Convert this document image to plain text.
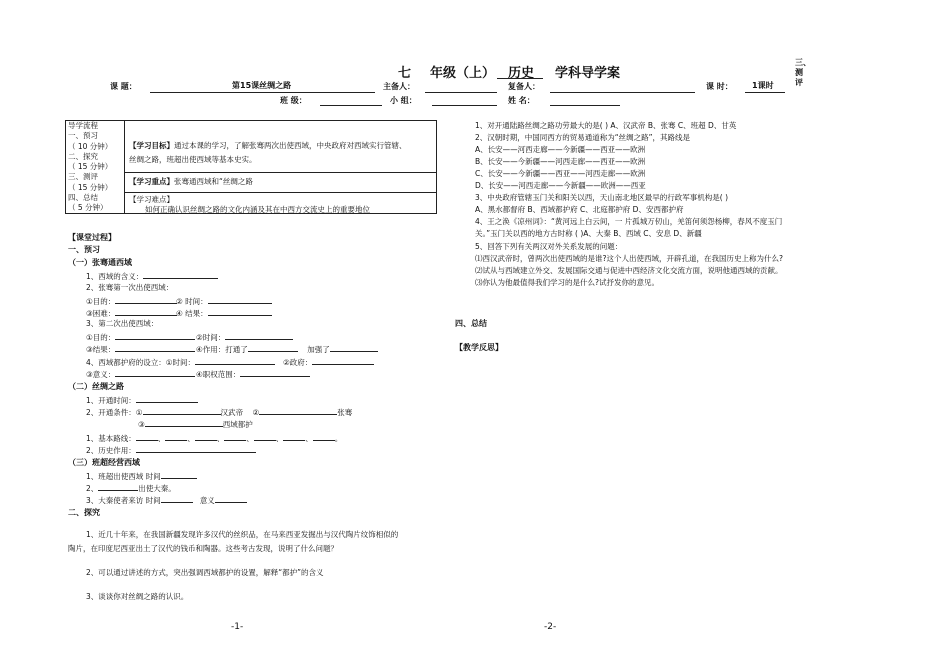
七 年级（上） 历史 学科导学案
三、测评
课 题：	第15课丝绸之路	主备人：	复备人：	课 时： 1课时
班 级：	小 组：	姓 名：
导学流程
一、预习
（ 10 分钟）
二、探究
（ 15 分钟）
三、测评
（ 15 分钟）
四、总结
（ 5 分钟）
【学习目标】通过本课的学习，了解张骞两次出使西域，中央政府对西域实行管辖、
丝绸之路，班超出使西域等基本史实。
【学习重点】张骞通西域和“丝绸之路
【学习难点】
如何正确认识丝绸之路的文化内涵及其在中西方交流史上的重要地位
【课堂过程】
一、预习
（一）张骞通西域
1、西域的含义：
2、张骞第一次出使西域：
①目的：	② 时间：
③困难：	④ 结果：
3、第二次出使西域：
①目的：	②时间：
③结果：	④作用：打通了	加强了
4、西域都护府的设立：①时间：	②政府：
③意义：	④职权范围：
（二）丝绸之路
1、开通时间：
2、开通条件：①	汉武帝 ②	张骞
③	西域都护
1、基本路线：	、	、	、	、	、	、	。
2、历史作用：
（三）班超经营西域
1、班超出使西域 时间
2、	出使大秦。
3、大秦使者来访 时间	意义
二、探究
1、近几十年来，在我国新疆发现许多汉代的丝织品，在马来西亚发掘出与汉代陶片纹饰相似的
陶片，在印度尼西亚出土了汉代的钱币和陶器。这些考古发现，说明了什么问题？
2、可以通过讲述的方式，突出强调西域都护的设置，解释“都护”的含义
3、谈谈你对丝绸之路的认识。
-1-
1、对开通陆路丝绸之路功劳最大的是( ) A、汉武帝 B、张骞 C、班超 D、甘英
2、汉朝时期，中国同西方的贸易通道称为“丝绸之路”，其路线是
A、长安——河西走廊——今新疆——西亚——欧洲
B、长安——今新疆——河西走廊——西亚——欧洲
C、长安——今新疆——西亚——河西走廊——欧洲
D、长安——河西走廊——今新疆——欧洲——西亚
3、中央政府管辖玉门关和阳关以西，天山南北地区最早的行政军事机构是( )
A、黑水都督府 B、西域都护府 C、北庭都护府 D、安西都护府
4、王之涣《凉州词》：“黄河远上白云间，一 片孤城万仞山，羌笛何须怨杨柳，春风不度玉门
关。”玉门关以西的地方古时称 ( )A、大秦 B、西域 C、安息 D、新疆
5、回答下列有关两汉对外关系发展的问题：
⑴西汉武帝时，曾两次出使西域的是谁?这个人出使西域，开辟孔道，在我国历史上称为什么?
⑵试从与西域建立外交、发展国际交通与促进中西经济文化交流方面，说明他通西域的贡献。
⑶你认为他最值得我们学习的是什么?试抒发你的意见。
四、总结
【教学反思】
-2-
